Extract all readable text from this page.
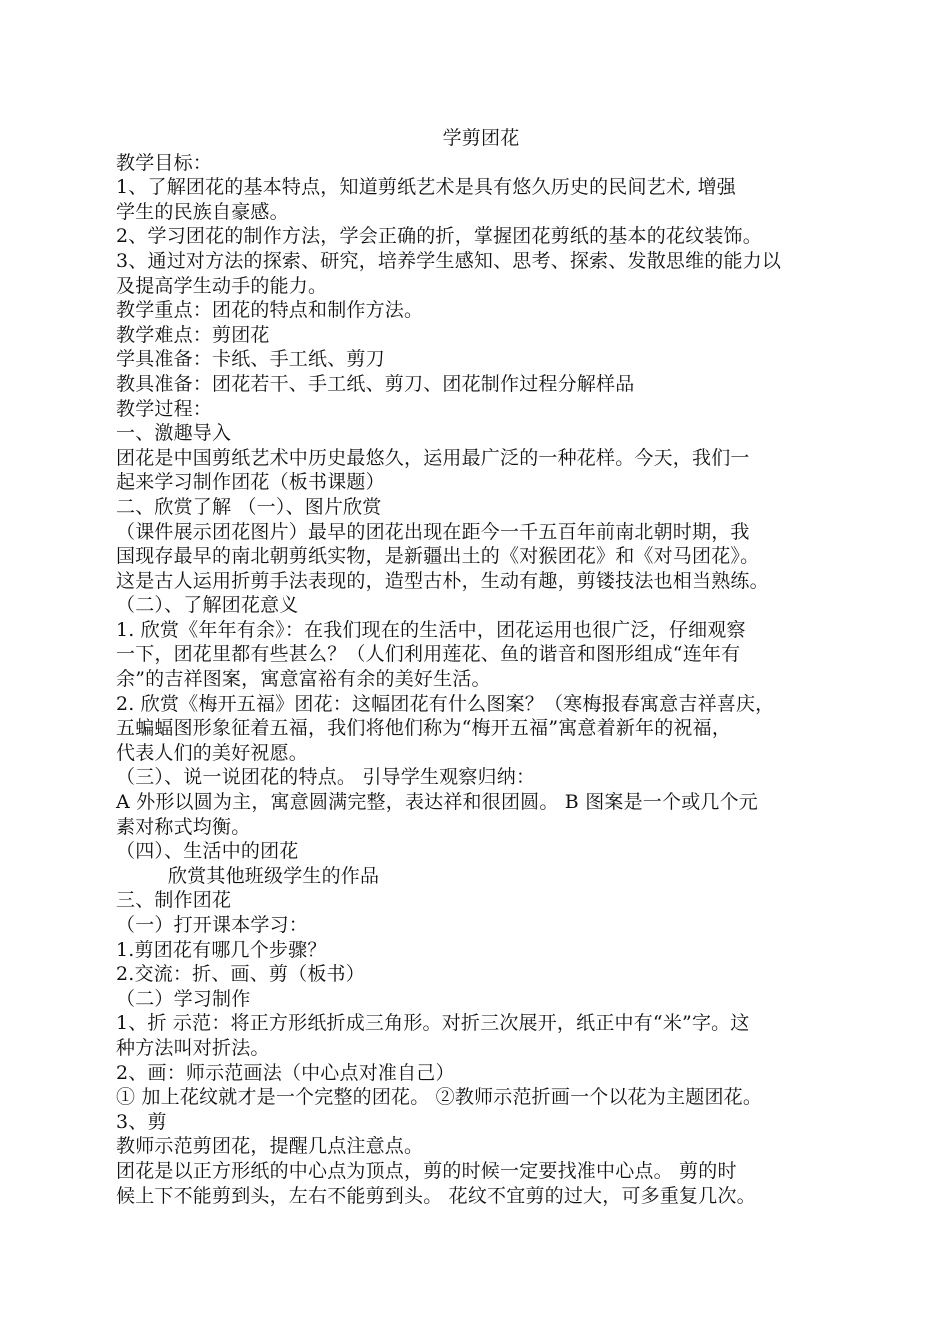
学剪团花
教学目标：
1、了解团花的基本特点，知道剪纸艺术是具有悠久历史的民间艺术, 增强
学生的民族自豪感。
2、学习团花的制作方法，学会正确的折，掌握团花剪纸的基本的花纹装饰。
3、通过对方法的探索、研究，培养学生感知、思考、探索、发散思维的能力以
及提高学生动手的能力。
教学重点：团花的特点和制作方法。
教学难点：剪团花
学具准备：卡纸、手工纸、剪刀
教具准备：团花若干、手工纸、剪刀、团花制作过程分解样品
教学过程：
一、激趣导入
团花是中国剪纸艺术中历史最悠久，运用最广泛的一种花样。今天，我们一
起来学习制作团花（板书课题）
二、欣赏了解 （一）、图片欣赏
（课件展示团花图片）最早的团花出现在距今一千五百年前南北朝时期，我
国现存最早的南北朝剪纸实物，是新疆出土的《对猴团花》和《对马团花》。
这是古人运用折剪手法表现的，造型古朴，生动有趣，剪镂技法也相当熟练。
（二）、了解团花意义
1. 欣赏《年年有余》：在我们现在的生活中，团花运用也很广泛，仔细观察
一下，团花里都有些甚么？（人们利用莲花、鱼的谐音和图形组成“连年有
余”的吉祥图案，寓意富裕有余的美好生活。
2. 欣赏《梅开五福》团花：这幅团花有什么图案？（寒梅报春寓意吉祥喜庆，
五蝙蝠图形象征着五福，我们将他们称为“梅开五福”寓意着新年的祝福，
代表人们的美好祝愿。
（三）、说一说团花的特点。 引导学生观察归纳：
A 外形以圆为主，寓意圆满完整，表达祥和很团圆。 B 图案是一个或几个元
素对称式均衡。
（四）、生活中的团花
欣赏其他班级学生的作品
三、制作团花
（一）打开课本学习：
1.剪团花有哪几个步骤？
2.交流：折、画、剪（板书）
（二）学习制作
1、折 示范：将正方形纸折成三角形。对折三次展开，纸正中有“米”字。这
种方法叫对折法。
2、画：师示范画法（中心点对准自己）
① 加上花纹就才是一个完整的团花。 ②教师示范折画一个以花为主题团花。
3、剪
教师示范剪团花，提醒几点注意点。
团花是以正方形纸的中心点为顶点，剪的时候一定要找准中心点。 剪的时
候上下不能剪到头，左右不能剪到头。 花纹不宜剪的过大，可多重复几次。
